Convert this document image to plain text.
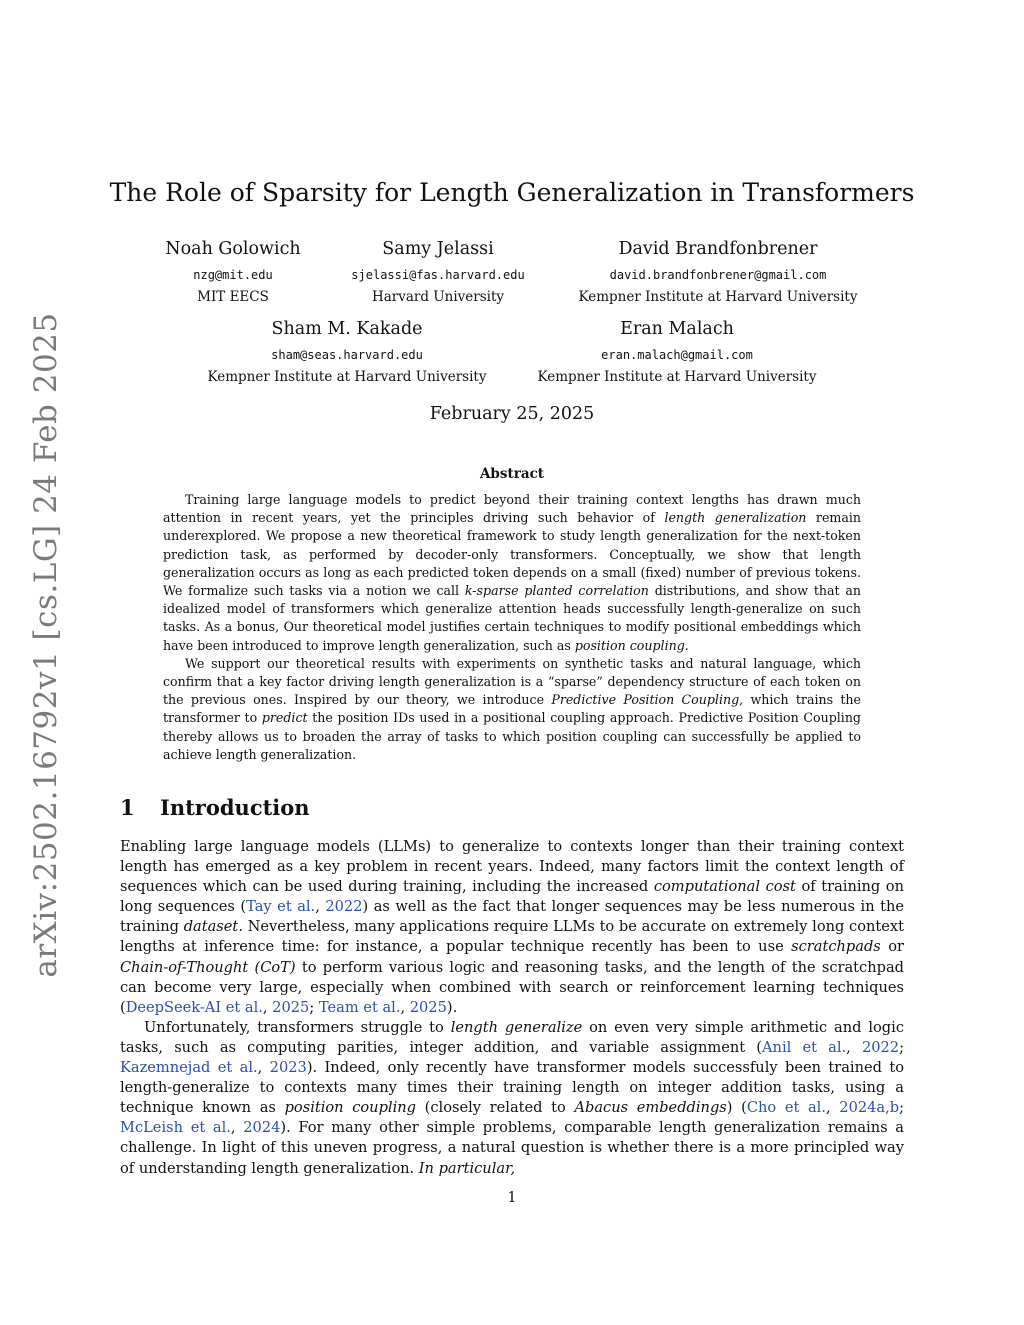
arXiv:2502.16792v1 [cs.LG] 24 Feb 2025
The Role of Sparsity for Length Generalization in Transformers
Noah Golowich
nzg@mit.edu
MIT EECS
Samy Jelassi
sjelassi@fas.harvard.edu
Harvard University
David Brandfonbrener
david.brandfonbrener@gmail.com
Kempner Institute at Harvard University
Sham M. Kakade
sham@seas.harvard.edu
Kempner Institute at Harvard University
Eran Malach
eran.malach@gmail.com
Kempner Institute at Harvard University
February 25, 2025
Abstract

Training large language models to predict beyond their training context lengths has drawn much attention in recent years, yet the principles driving such behavior of length generalization remain underexplored. We propose a new theoretical framework to study length generalization for the next-token prediction task, as performed by decoder-only transformers. Conceptually, we show that length generalization occurs as long as each predicted token depends on a small (fixed) number of previous tokens. We formalize such tasks via a notion we call k-sparse planted correlation distributions, and show that an idealized model of transformers which generalize attention heads successfully length-generalize on such tasks. As a bonus, Our theoretical model justifies certain techniques to modify positional embeddings which have been introduced to improve length generalization, such as position coupling.

We support our theoretical results with experiments on synthetic tasks and natural language, which confirm that a key factor driving length generalization is a “sparse” dependency structure of each token on the previous ones. Inspired by our theory, we introduce Predictive Position Coupling, which trains the transformer to predict the position IDs used in a positional coupling approach. Predictive Position Coupling thereby allows us to broaden the array of tasks to which position coupling can successfully be applied to achieve length generalization.

1 Introduction

Enabling large language models (LLMs) to generalize to contexts longer than their training context length has emerged as a key problem in recent years. Indeed, many factors limit the context length of sequences which can be used during training, including the increased computational cost of training on long sequences (Tay et al., 2022) as well as the fact that longer sequences may be less numerous in the training dataset. Nevertheless, many applications require LLMs to be accurate on extremely long context lengths at inference time: for instance, a popular technique recently has been to use scratchpads or Chain-of-Thought (CoT) to perform various logic and reasoning tasks, and the length of the scratchpad can become very large, especially when combined with search or reinforcement learning techniques (DeepSeek-AI et al., 2025; Team et al., 2025).

Unfortunately, transformers struggle to length generalize on even very simple arithmetic and logic tasks, such as computing parities, integer addition, and variable assignment (Anil et al., 2022; Kazemnejad et al., 2023). Indeed, only recently have transformer models successfuly been trained to length-generalize to contexts many times their training length on integer addition tasks, using a technique known as position coupling (closely related to Abacus embeddings) (Cho et al., 2024a,b; McLeish et al., 2024). For many other simple problems, comparable length generalization remains a challenge. In light of this uneven progress, a natural question is whether there is a more principled way of understanding length generalization. In particular,

1
